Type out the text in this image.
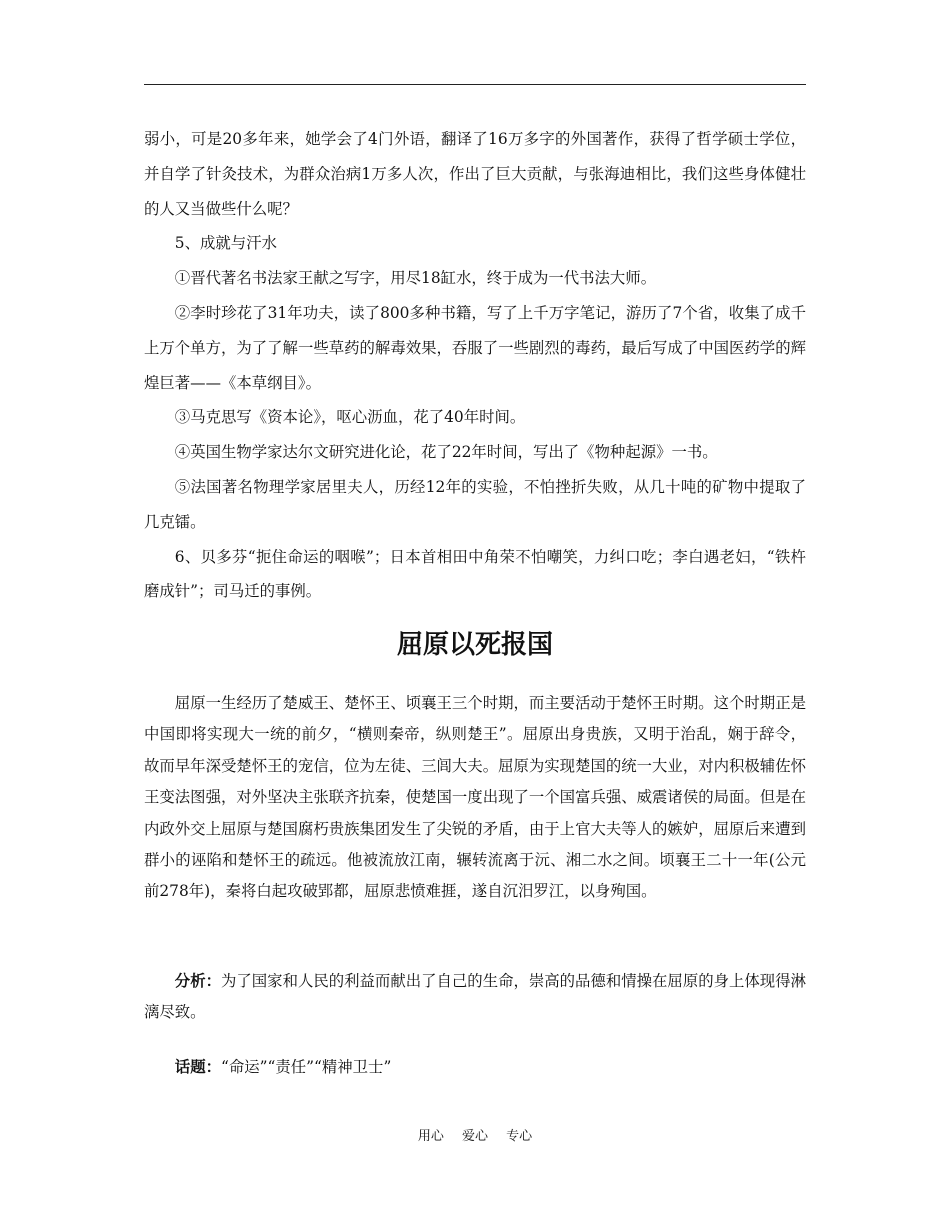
弱小，可是20多年来，她学会了4门外语，翻译了16万多字的外国著作，获得了哲学硕士学位，并自学了针灸技术，为群众治病1万多人次，作出了巨大贡献，与张海迪相比，我们这些身体健壮的人又当做些什么呢？

5、成就与汗水

①晋代著名书法家王献之写字，用尽18缸水，终于成为一代书法大师。

②李时珍花了31年功夫，读了800多种书籍，写了上千万字笔记，游历了7个省，收集了成千上万个单方，为了了解一些草药的解毒效果，吞服了一些剧烈的毒药，最后写成了中国医药学的辉煌巨著——《本草纲目》。

③马克思写《资本论》，呕心沥血，花了40年时间。

④英国生物学家达尔文研究进化论，花了22年时间，写出了《物种起源》一书。

⑤法国著名物理学家居里夫人，历经12年的实验，不怕挫折失败，从几十吨的矿物中提取了几克镭。

6、贝多芬“扼住命运的咽喉”；日本首相田中角荣不怕嘲笑，力纠口吃；李白遇老妇，“铁杵磨成针”；司马迁的事例。

屈原以死报国

屈原一生经历了楚威王、楚怀王、顷襄王三个时期，而主要活动于楚怀王时期。这个时期正是中国即将实现大一统的前夕，“横则秦帝，纵则楚王”。屈原出身贵族，又明于治乱，娴于辞令，故而早年深受楚怀王的宠信，位为左徒、三闾大夫。屈原为实现楚国的统一大业，对内积极辅佐怀王变法图强，对外坚决主张联齐抗秦，使楚国一度出现了一个国富兵强、威震诸侯的局面。但是在内政外交上屈原与楚国腐朽贵族集团发生了尖锐的矛盾，由于上官大夫等人的嫉妒，屈原后来遭到群小的诬陷和楚怀王的疏远。他被流放江南，辗转流离于沅、湘二水之间。顷襄王二十一年(公元前278年)，秦将白起攻破郢都，屈原悲愤难捱，遂自沉汨罗江，以身殉国。

分析：为了国家和人民的利益而献出了自己的生命，崇高的品德和情操在屈原的身上体现得淋漓尽致。

话题：“命运”“责任”“精神卫士”

用心 爱心 专心
